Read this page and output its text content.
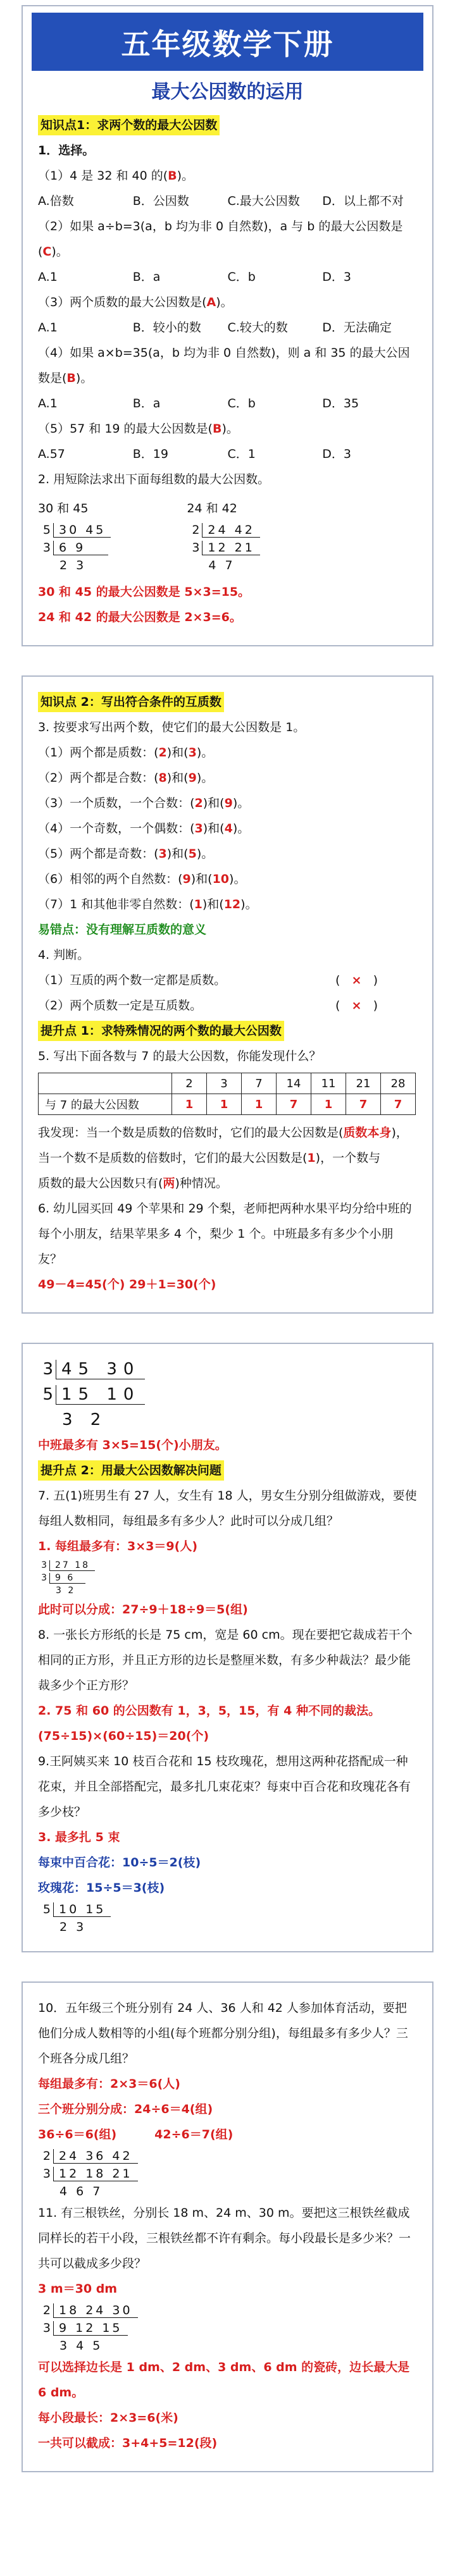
五年级数学下册
最大公因数的运用
知识点1：求两个数的最大公因数
1．选择。
（1）4 是 32 和 40 的(B)。
A.倍数	B．公因数	C.最大公因数	D．以上都不对
（2）如果 a÷b=3(a，b 均为非 0 自然数)，a 与 b 的最大公因数是
(C)。
A.1	B．a	C．b	D．3
（3）两个质数的最大公因数是(A)。
A.1	B．较小的数	C.较大的数	D．无法确定
（4）如果 a×b=35(a，b 均为非 0 自然数)，则 a 和 35 的最大公因
数是(B)。
A.1	B．a	C．b	D．35
（5）57 和 19 的最大公因数是(B)。
A.57	B．19	C．1	D．3
2. 用短除法求出下面每组数的最大公因数。
30 和 45
5 30 45
3 6 9
2 3
24 和 42
2 24 42
3 12 21
4 7
30 和 45 的最大公因数是 5×3=15。
24 和 42 的最大公因数是 2×3=6。
知识点 2：写出符合条件的互质数
3. 按要求写出两个数，使它们的最大公因数是 1。
（1）两个都是质数：(2)和(3)。
（2）两个都是合数：(8)和(9)。
（3）一个质数，一个合数：(2)和(9)。
（4）一个奇数，一个偶数：(3)和(4)。
（5）两个都是奇数：(3)和(5)。
（6）相邻的两个自然数：(9)和(10)。
（7）1 和其他非零自然数：(1)和(12)。
易错点：没有理解互质数的意义
4. 判断。
（1）互质的两个数一定都是质数。	( × )
（2）两个质数一定是互质数。	( × )
提升点 1：求特殊情况的两个数的最大公因数
5. 写出下面各数与 7 的最大公因数，你能发现什么？
	2	3	7	14	11	21	28
与 7 的最大公因数	1	1	1	7	1	7	7
我发现：当一个数是质数的倍数时，它们的最大公因数是(质数本身)，
当一个数不是质数的倍数时，它们的最大公因数是(1)，一个数与
质数的最大公因数只有(两)种情况。
6. 幼儿园买回 49 个苹果和 29 个梨，老师把两种水果平均分给中班的每个小朋友，结果苹果多 4 个，梨少 1 个。中班最多有多少个小朋友？
49－4=45(个) 29＋1=30(个)
3 45 30
5 15 10
3 2
中班最多有 3×5=15(个)小朋友。
提升点 2：用最大公因数解决问题
7. 五(1)班男生有 27 人，女生有 18 人，男女生分别分组做游戏，要使每组人数相同，每组最多有多少人？此时可以分成几组？
1. 每组最多有：3×3＝9(人)
3 27 18
3 9 6
3 2
此时可以分成：27÷9＋18÷9＝5(组)
8. 一张长方形纸的长是 75 cm，宽是 60 cm。现在要把它裁成若干个相同的正方形，并且正方形的边长是整厘米数，有多少种裁法？最少能裁多少个正方形？
2. 75 和 60 的公因数有 1，3，5，15，有 4 种不同的裁法。
(75÷15)×(60÷15)＝20(个)
9.王阿姨买来 10 枝百合花和 15 枝玫瑰花，想用这两种花搭配成一种花束，并且全部搭配完，最多扎几束花束？每束中百合花和玫瑰花各有多少枝？
3. 最多扎 5 束
每束中百合花：10÷5＝2(枝)
玫瑰花：15÷5＝3(枝)
5 10 15
2 3
10．五年级三个班分别有 24 人、36 人和 42 人参加体育活动，要把他们分成人数相等的小组(每个班都分别分组)，每组最多有多少人？三个班各分成几组？
每组最多有：2×3＝6(人)
三个班分别分成：24÷6＝4(组)
36÷6＝6(组)	42÷6＝7(组)
2 24 36 42
3 12 18 21
4 6 7
11. 有三根铁丝，分别长 18 m、24 m、30 m。要把这三根铁丝截成同样长的若干小段，三根铁丝都不许有剩余。每小段最长是多少米？一共可以截成多少段？
3 m＝30 dm
2 18 24 30
3 9 12 15
3 4 5
可以选择边长是 1 dm、2 dm、3 dm、6 dm 的瓷砖，边长最大是 6 dm。
每小段最长：2×3=6(米)
一共可以截成：3+4+5=12(段)
